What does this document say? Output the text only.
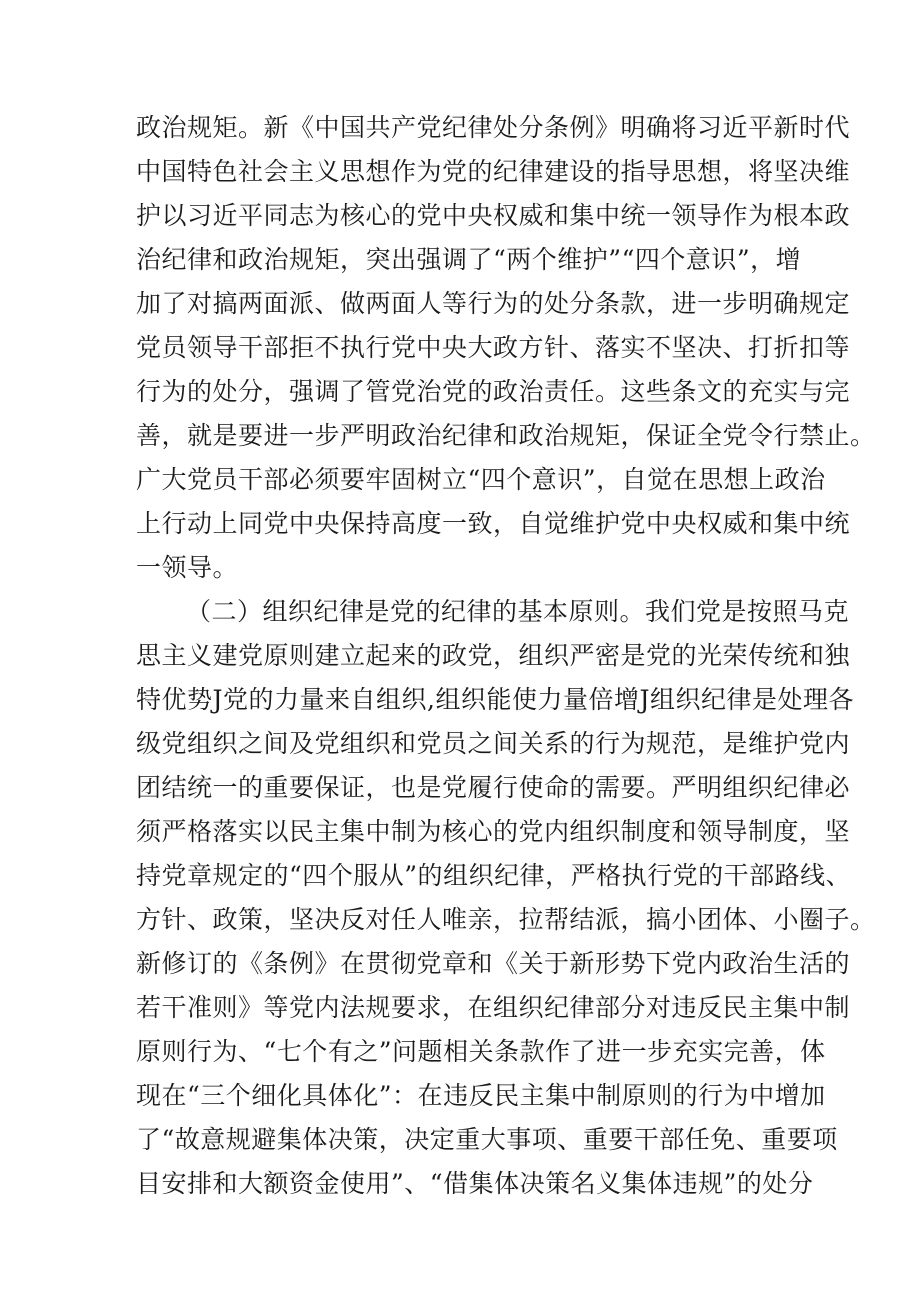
政治规矩。新《中国共产党纪律处分条例》明确将习近平新时代
中国特色社会主义思想作为党的纪律建设的指导思想，将坚决维
护以习近平同志为核心的党中央权威和集中统一领导作为根本政
治纪律和政治规矩，突出强调了“两个维护”“四个意识”，增
加了对搞两面派、做两面人等行为的处分条款，进一步明确规定
党员领导干部拒不执行党中央大政方针、落实不坚决、打折扣等
行为的处分，强调了管党治党的政治责任。这些条文的充实与完
善，就是要进一步严明政治纪律和政治规矩，保证全党令行禁止。
广大党员干部必须要牢固树立“四个意识”，自觉在思想上政治
上行动上同党中央保持高度一致，自觉维护党中央权威和集中统
一领导。
（二）组织纪律是党的纪律的基本原则。我们党是按照马克
思主义建党原则建立起来的政党，组织严密是党的光荣传统和独
特优势J党的力量来自组织,组织能使力量倍增J组织纪律是处理各
级党组织之间及党组织和党员之间关系的行为规范，是维护党内
团结统一的重要保证，也是党履行使命的需要。严明组织纪律必
须严格落实以民主集中制为核心的党内组织制度和领导制度，坚
持党章规定的“四个服从”的组织纪律，严格执行党的干部路线、
方针、政策，坚决反对任人唯亲，拉帮结派，搞小团体、小圈子。
新修订的《条例》在贯彻党章和《关于新形势下党内政治生活的
若干准则》等党内法规要求，在组织纪律部分对违反民主集中制
原则行为、“七个有之”问题相关条款作了进一步充实完善，体
现在“三个细化具体化”：在违反民主集中制原则的行为中增加
了“故意规避集体决策，决定重大事项、重要干部任免、重要项
目安排和大额资金使用”、“借集体决策名义集体违规”的处分
